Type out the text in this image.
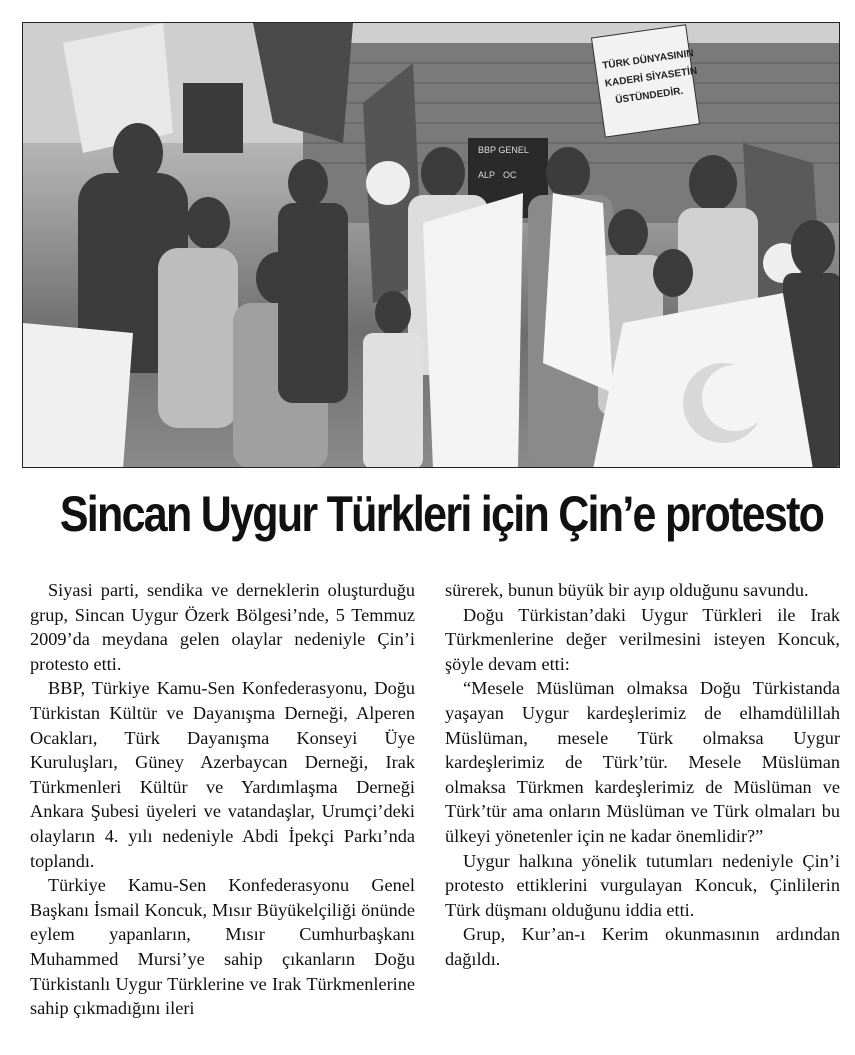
TÜRK DÜNYASININ KADERİ SİYASETİN ÜSTÜNDEDİR.
BBP GENEL ALP OC
Sincan Uygur Türkleri için Çin’e protesto

Siyasi parti, sendika ve derneklerin oluşturduğu grup, Sincan Uygur Özerk Bölgesi’nde, 5 Temmuz 2009’da meydana gelen olaylar nedeniyle Çin’i protesto etti.

BBP, Türkiye Kamu-Sen Konfederasyonu, Doğu Türkistan Kültür ve Dayanışma Derneği, Alperen Ocakları, Türk Dayanışma Konseyi Üye Kuruluşları, Güney Azerbaycan Derneği, Irak Türkmenleri Kültür ve Yardımlaşma Derneği Ankara Şubesi üyeleri ve vatandaşlar, Urumçi’deki olayların 4. yılı nedeniyle Abdi İpekçi Parkı’nda toplandı.

Türkiye Kamu-Sen Konfederasyonu Genel Başkanı İsmail Koncuk, Mısır Büyükelçiliği önünde eylem yapanların, Mısır Cumhurbaşkanı Muhammed Mursi’ye sahip çıkanların Doğu Türkistanlı Uygur Türklerine ve Irak Türkmenlerine sahip çıkmadığını ileri

sürerek, bunun büyük bir ayıp olduğunu savundu.

Doğu Türkistan’daki Uygur Türkleri ile Irak Türkmenlerine değer verilmesini isteyen Koncuk, şöyle devam etti:

“Mesele Müslüman olmaksa Doğu Türkistanda yaşayan Uygur kardeşlerimiz de elhamdülillah Müslüman, mesele Türk olmaksa Uygur kardeşlerimiz de Türk’tür. Mesele Müslüman olmaksa Türkmen kardeşlerimiz de Müslüman ve Türk’tür ama onların Müslüman ve Türk olmaları bu ülkeyi yönetenler için ne kadar önemlidir?”

Uygur halkına yönelik tutumları nedeniyle Çin’i protesto ettiklerini vurgulayan Koncuk, Çinlilerin Türk düşmanı olduğunu iddia etti.

Grup, Kur’an-ı Kerim okunmasının ardından dağıldı.
